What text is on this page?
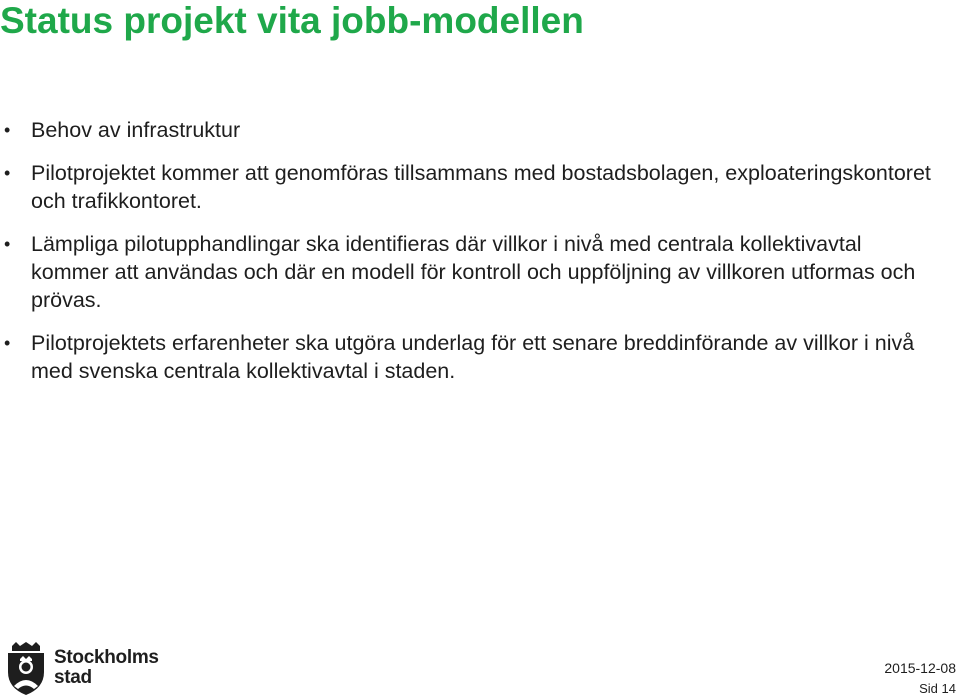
Status projekt vita jobb-modellen
• Behov av infrastruktur
• Pilotprojektet kommer att genomföras tillsammans med bostadsbolagen, exploateringskontoret och trafikkontoret.
• Lämpliga pilotupphandlingar ska identifieras där villkor i nivå med centrala kollektivavtal kommer att användas och där en modell för kontroll och uppföljning av villkoren utformas och prövas.
• Pilotprojektets erfarenheter ska utgöra underlag för ett senare breddinförande av villkor i nivå med svenska centrala kollektivavtal i staden.
Stockholms
stad	2015-12-08
Sid 14
